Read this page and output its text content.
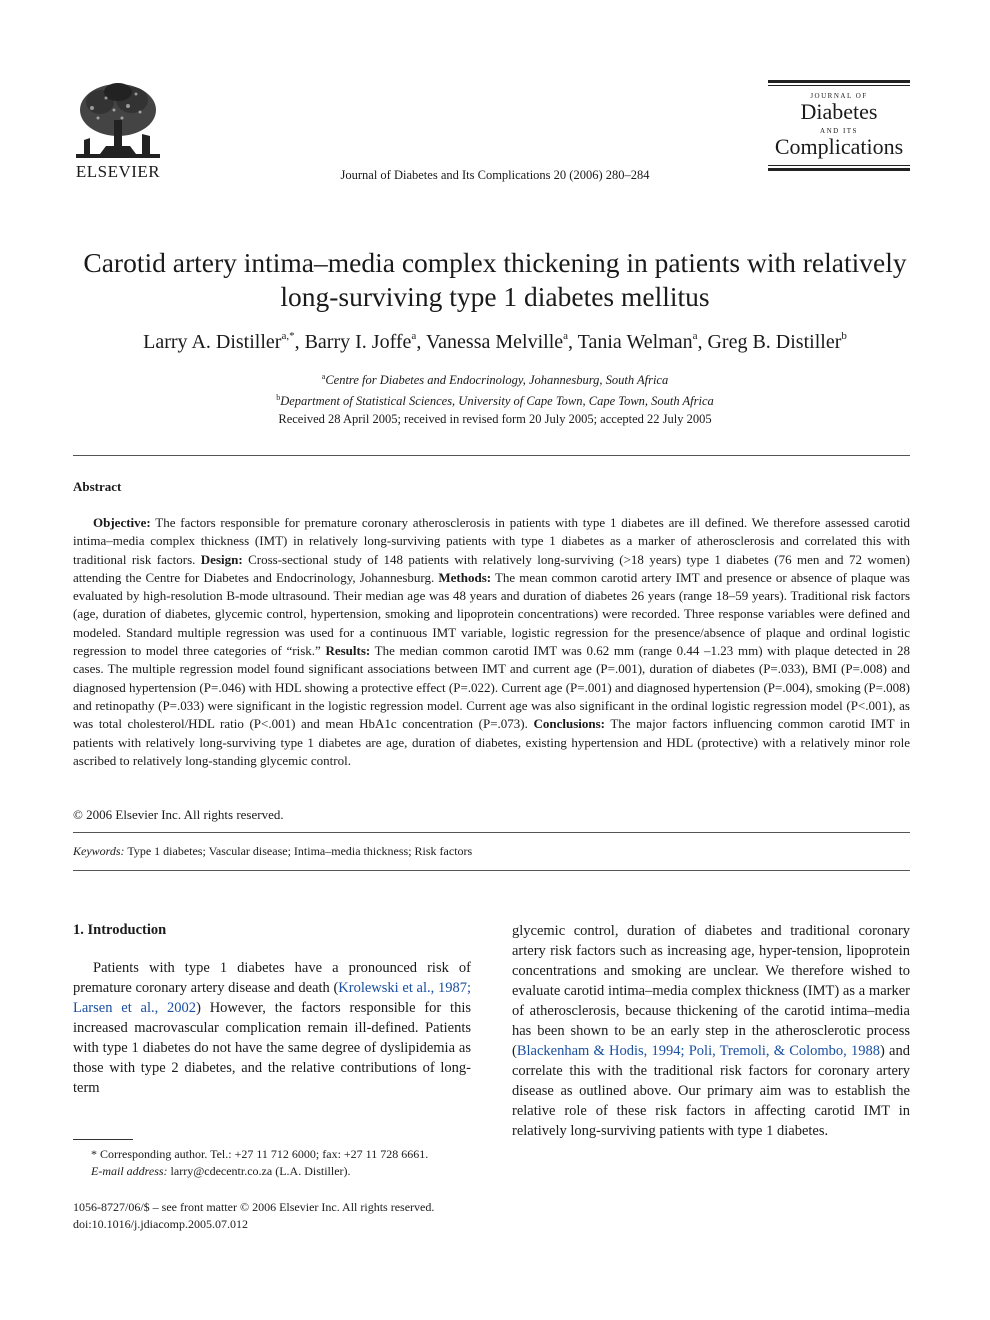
ELSEVIER	Journal of Diabetes and Its Complications 20 (2006) 280–284
JOURNAL OF
Diabetes
AND ITS
Complications
Carotid artery intima–media complex thickening in patients with relatively long-surviving type 1 diabetes mellitus
Larry A. Distiller$^{a,*}$, Barry I. Joffe$^a$, Vanessa Melville$^a$, Tania Welman$^a$, Greg B. Distiller$^b$
$^a$Centre for Diabetes and Endocrinology, Johannesburg, South Africa
$^b$Department of Statistical Sciences, University of Cape Town, Cape Town, South Africa
Received 28 April 2005; received in revised form 20 July 2005; accepted 22 July 2005
Abstract
Objective: The factors responsible for premature coronary atherosclerosis in patients with type 1 diabetes are ill defined. We therefore assessed carotid intima–media complex thickness (IMT) in relatively long-surviving patients with type 1 diabetes as a marker of atherosclerosis and correlated this with traditional risk factors. Design: Cross-sectional study of 148 patients with relatively long-surviving (>18 years) type 1 diabetes (76 men and 72 women) attending the Centre for Diabetes and Endocrinology, Johannesburg. Methods: The mean common carotid artery IMT and presence or absence of plaque was evaluated by high-resolution B-mode ultrasound. Their median age was 48 years and duration of diabetes 26 years (range 18–59 years). Traditional risk factors (age, duration of diabetes, glycemic control, hypertension, smoking and lipoprotein concentrations) were recorded. Three response variables were defined and modeled. Standard multiple regression was used for a continuous IMT variable, logistic regression for the presence/absence of plaque and ordinal logistic regression to model three categories of “risk.” Results: The median common carotid IMT was 0.62 mm (range 0.44 –1.23 mm) with plaque detected in 28 cases. The multiple regression model found significant associations between IMT and current age (P=.001), duration of diabetes (P=.033), BMI (P=.008) and diagnosed hypertension (P=.046) with HDL showing a protective effect (P=.022). Current age (P=.001) and diagnosed hypertension (P=.004), smoking (P=.008) and retinopathy (P=.033) were significant in the logistic regression model. Current age was also significant in the ordinal logistic regression model (P<.001), as was total cholesterol/HDL ratio (P<.001) and mean HbA1c concentration (P=.073). Conclusions: The major factors influencing common carotid IMT in patients with relatively long-surviving type 1 diabetes are age, duration of diabetes, existing hypertension and HDL (protective) with a relatively minor role ascribed to relatively long-standing glycemic control.
© 2006 Elsevier Inc. All rights reserved.
Keywords: Type 1 diabetes; Vascular disease; Intima–media thickness; Risk factors
1. Introduction
Patients with type 1 diabetes have a pronounced risk of premature coronary artery disease and death (Krolewski et al., 1987; Larsen et al., 2002) However, the factors responsible for this increased macrovascular complication remain ill-defined. Patients with type 1 diabetes do not have the same degree of dyslipidemia as those with type 2 diabetes, and the relative contributions of long-term
glycemic control, duration of diabetes and traditional coronary artery risk factors such as increasing age, hyper-tension, lipoprotein concentrations and smoking are unclear. We therefore wished to evaluate carotid intima–media complex thickness (IMT) as a marker of atherosclerosis, because thickening of the carotid intima–media has been shown to be an early step in the atherosclerotic process (Blackenham & Hodis, 1994; Poli, Tremoli, & Colombo, 1988) and correlate this with the traditional risk factors for coronary artery disease as outlined above. Our primary aim was to establish the relative role of these risk factors in affecting carotid IMT in relatively long-surviving patients with type 1 diabetes.
* Corresponding author. Tel.: +27 11 712 6000; fax: +27 11 728 6661.
E-mail address: larry@cdecentr.co.za (L.A. Distiller).
1056-8727/06/$ – see front matter © 2006 Elsevier Inc. All rights reserved.
doi:10.1016/j.jdiacomp.2005.07.012
